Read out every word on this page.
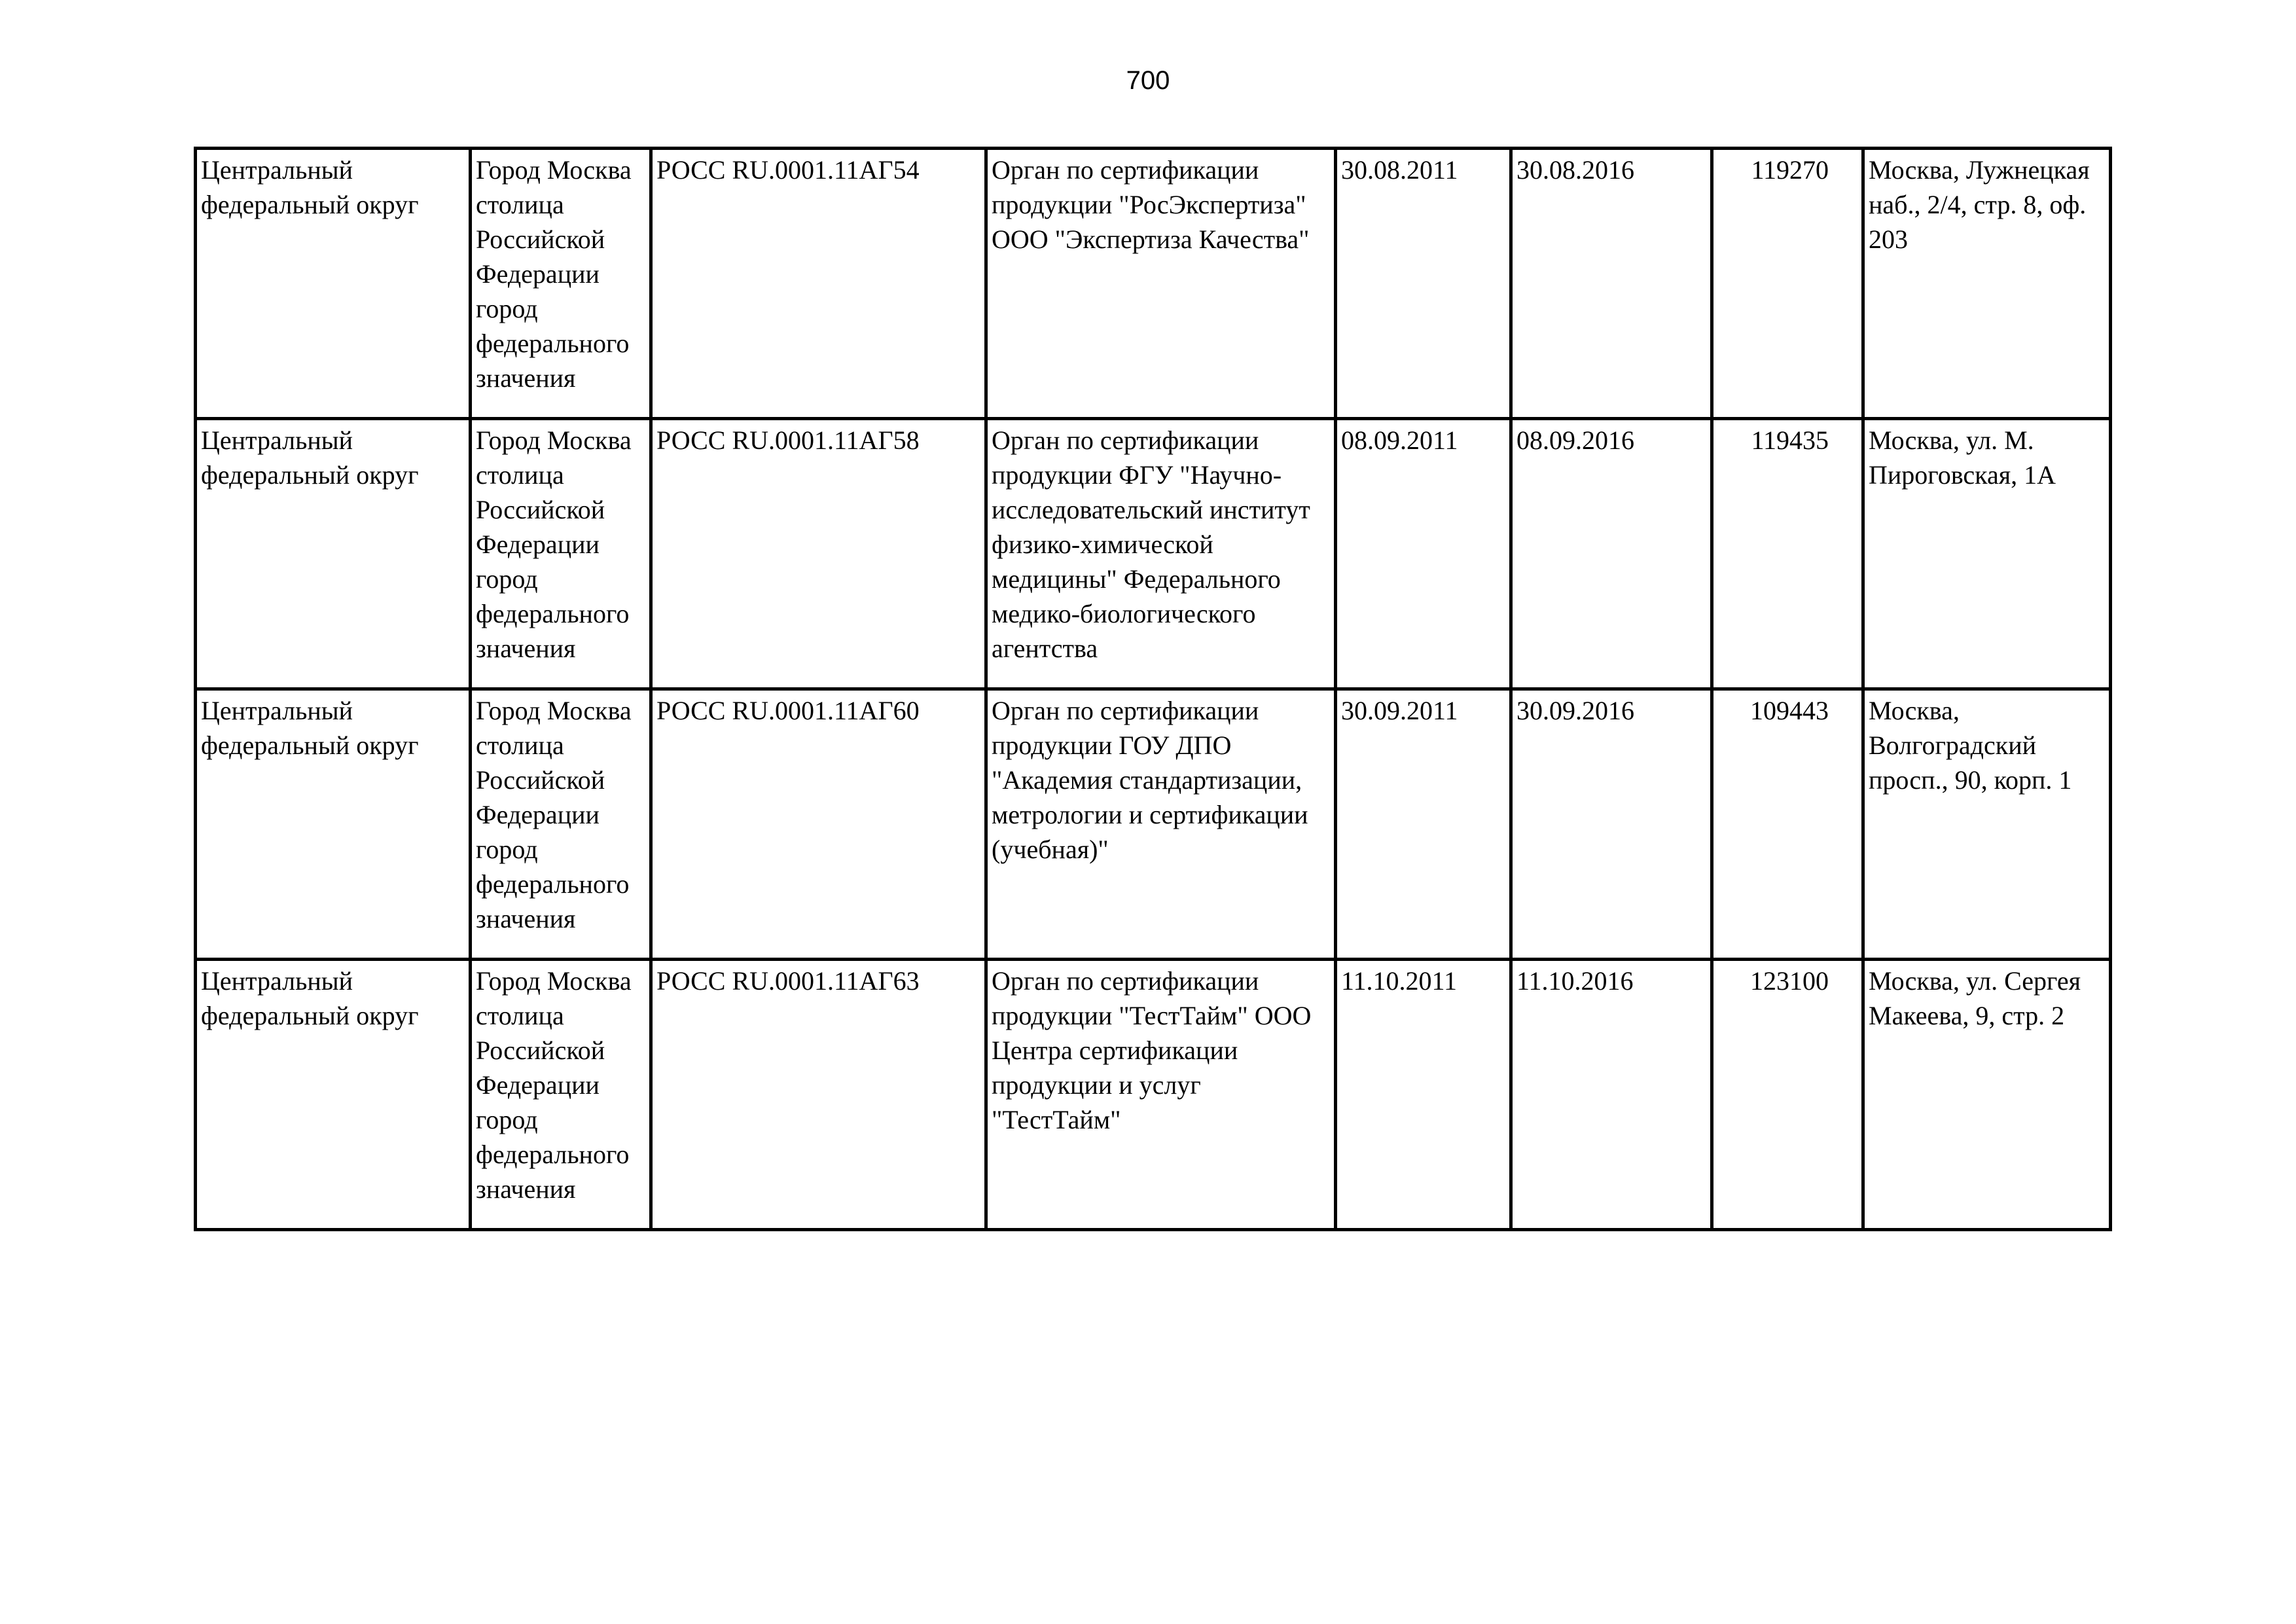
700
Центральный федеральный округ	Город Москва столица Российской Федерации город федерального значения	РОСС RU.0001.11АГ54	Орган по сертификации продукции "РосЭкспертиза" ООО "Экспертиза Качества"	30.08.2011	30.08.2016	119270	Москва, Лужнецкая наб., 2/4, стр. 8, оф. 203

Центральный федеральный округ	Город Москва столица Российской Федерации город федерального значения	РОСС RU.0001.11АГ58	Орган по сертификации продукции ФГУ "Научно-исследовательский институт физико-химической медицины" Федерального медико-биологического агентства	08.09.2011	08.09.2016	119435	Москва, ул. М. Пироговская, 1А

Центральный федеральный округ	Город Москва столица Российской Федерации город федерального значения	РОСС RU.0001.11АГ60	Орган по сертификации продукции ГОУ ДПО "Академия стандартизации, метрологии и сертификации (учебная)"	30.09.2011	30.09.2016	109443	Москва, Волгоградский просп., 90, корп. 1

Центральный федеральный округ	Город Москва столица Российской Федерации город федерального значения	РОСС RU.0001.11АГ63	Орган по сертификации продукции "ТестТайм" ООО Центра сертификации продукции и услуг "ТестТайм"	11.10.2011	11.10.2016	123100	Москва, ул. Сергея Макеева, 9, стр. 2
